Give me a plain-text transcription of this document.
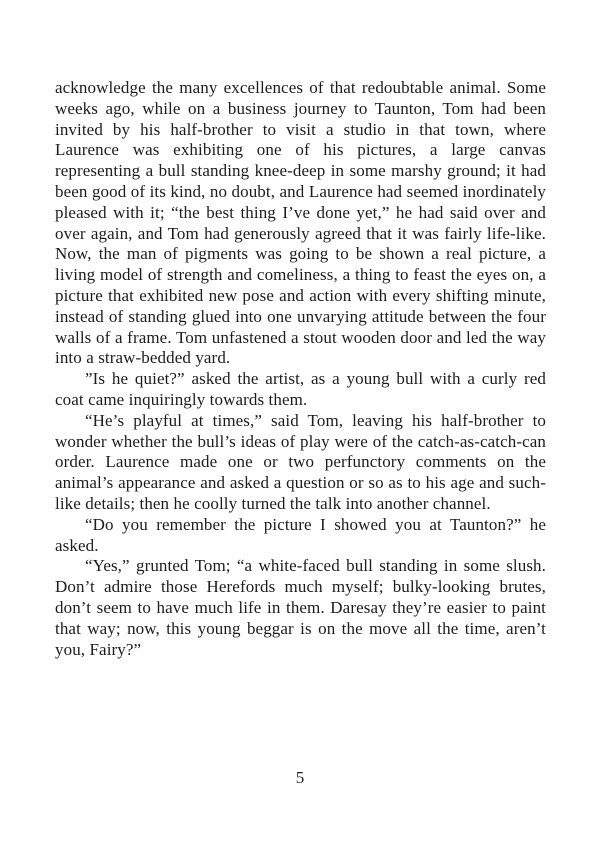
acknowledge the many excellences of that redoubtable animal. Some weeks ago, while on a business journey to Taunton, Tom had been invited by his half-brother to visit a studio in that town, where Laurence was exhibiting one of his pictures, a large canvas representing a bull standing knee-deep in some marshy ground; it had been good of its kind, no doubt, and Laurence had seemed inordinately pleased with it; “the best thing I’ve done yet,” he had said over and over again, and Tom had generously agreed that it was fairly life-like. Now, the man of pigments was going to be shown a real picture, a living model of strength and comeliness, a thing to feast the eyes on, a picture that exhibited new pose and action with every shifting minute, instead of standing glued into one unvarying attitude between the four walls of a frame. Tom unfastened a stout wooden door and led the way into a straw-bedded yard.

”Is he quiet?” asked the artist, as a young bull with a curly red coat came inquiringly towards them.

“He’s playful at times,” said Tom, leaving his half-brother to wonder whether the bull’s ideas of play were of the catch-as-catch-can order. Laurence made one or two perfunctory comments on the animal’s appearance and asked a question or so as to his age and such-like details; then he coolly turned the talk into another channel.

“Do you remember the picture I showed you at Taunton?” he asked.

“Yes,” grunted Tom; “a white-faced bull standing in some slush. Don’t admire those Herefords much myself; bulky-looking brutes, don’t seem to have much life in them. Daresay they’re easier to paint that way; now, this young beggar is on the move all the time, aren’t you, Fairy?”

5
